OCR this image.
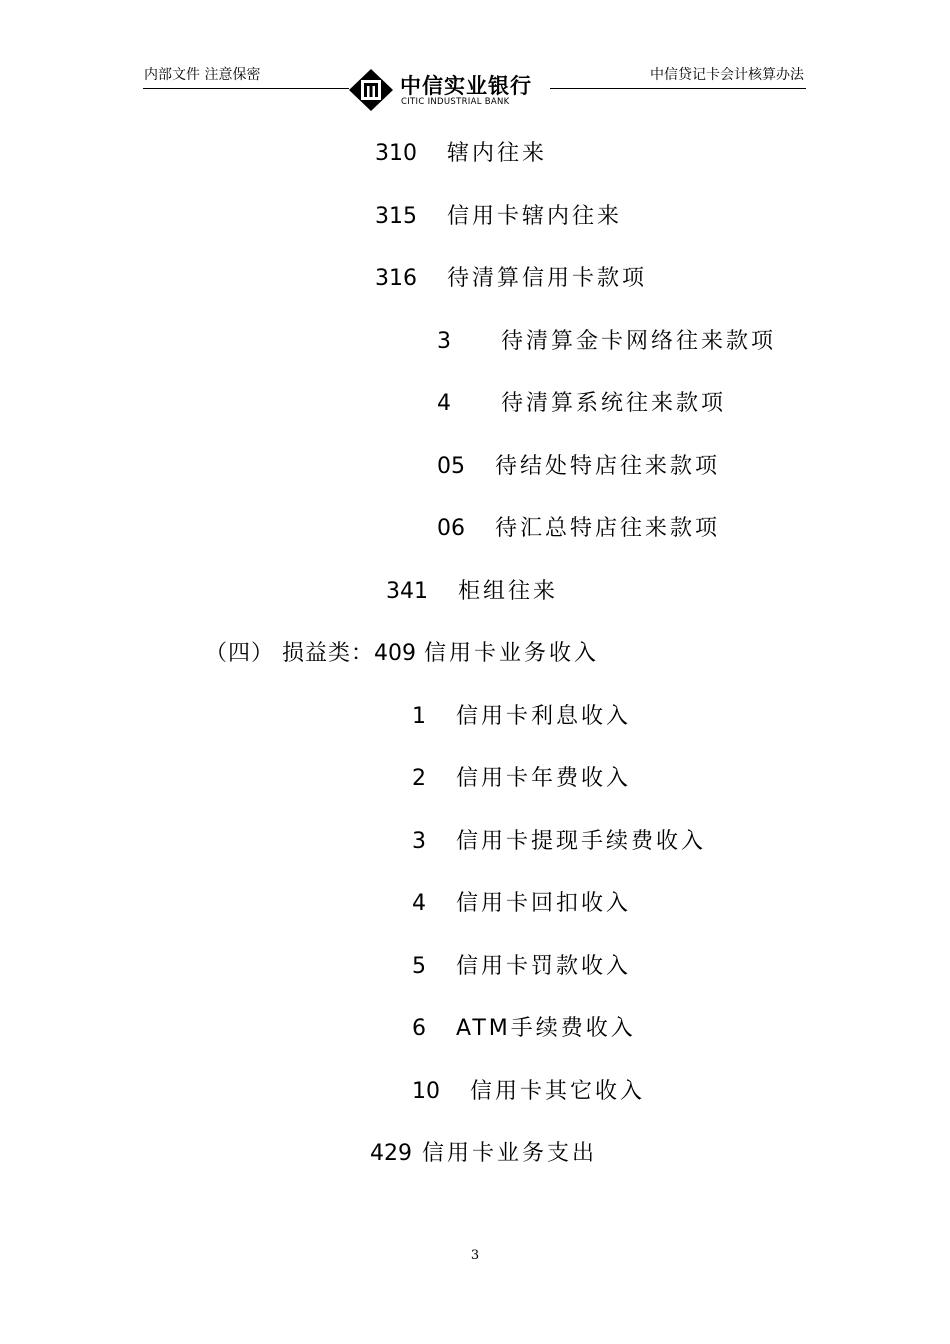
内部文件 注意保密	中信实业银行
CITIC INDUSTRIAL BANK
中信贷记卡会计核算办法
310 辖内往来
315 信用卡辖内往来
316 待清算信用卡款项
3 待清算金卡网络往来款项
4 待清算系统往来款项
05 待结处特店往来款项
06 待汇总特店往来款项
341 柜组往来
（四） 损益类：409 信用卡业务收入
1 信用卡利息收入
2 信用卡年费收入
3 信用卡提现手续费收入
4 信用卡回扣收入
5 信用卡罚款收入
6 ATM手续费收入
10 信用卡其它收入
429 信用卡业务支出
3
